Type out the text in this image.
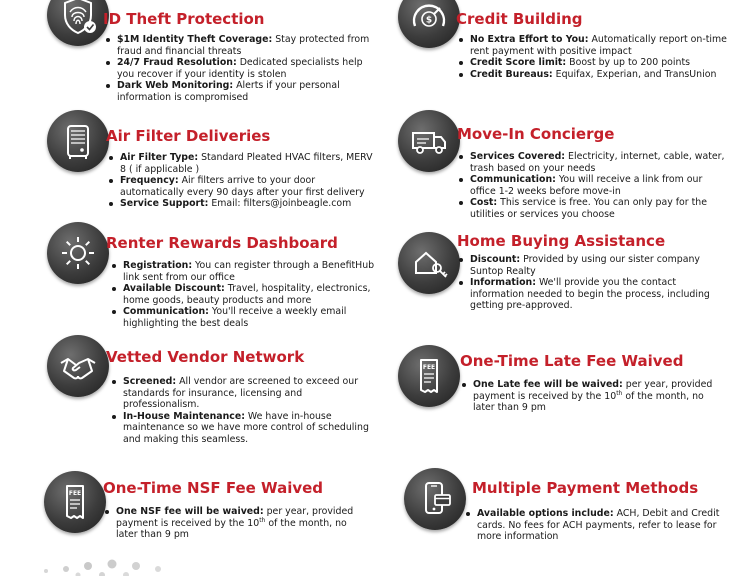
ID Theft Protection
$1M Identity Theft Coverage: Stay protected from fraud and financial threats
24/7 Fraud Resolution: Dedicated specialists help you recover if your identity is stolen
Dark Web Monitoring: Alerts if your personal information is compromised
$ Credit Building
No Extra Effort to You: Automatically report on-time rent payment with positive impact
Credit Score limit: Boost by up to 200 points
Credit Bureaus: Equifax, Experian, and TransUnion
Air Filter Deliveries
Air Filter Type: Standard Pleated HVAC filters, MERV 8 ( if applicable )
Frequency: Air filters arrive to your door automatically every 90 days after your first delivery
Service Support: Email: filters@joinbeagle.com
Move-In Concierge
Services Covered: Electricity, internet, cable, water, trash based on your needs
Communication: You will receive a link from our office 1-2 weeks before move-in
Cost: This service is free. You can only pay for the utilities or services you choose
Renter Rewards Dashboard
Registration: You can register through a BenefitHub link sent from our office
Available Discount: Travel, hospitality, electronics, home goods, beauty products and more
Communication: You'll receive a weekly email highlighting the best deals
Home Buying Assistance
Discount: Provided by using our sister company Suntop Realty
Information: We'll provide you the contact information needed to begin the process, including getting pre-approved.
Vetted Vendor Network
Screened: All vendor are screened to exceed our standards for insurance, licensing and professionalism.
In-House Maintenance: We have in-house maintenance so we have more control of scheduling and making this seamless.
FEE One-Time Late Fee Waived
One Late fee will be waived: per year, provided payment is received by the 10th of the month, no later than 9 pm
FEE One-Time NSF Fee Waived
One NSF fee will be waived: per year, provided payment is received by the 10th of the month, no later than 9 pm
Multiple Payment Methods
Available options include: ACH, Debit and Credit cards. No fees for ACH payments, refer to lease for more information
